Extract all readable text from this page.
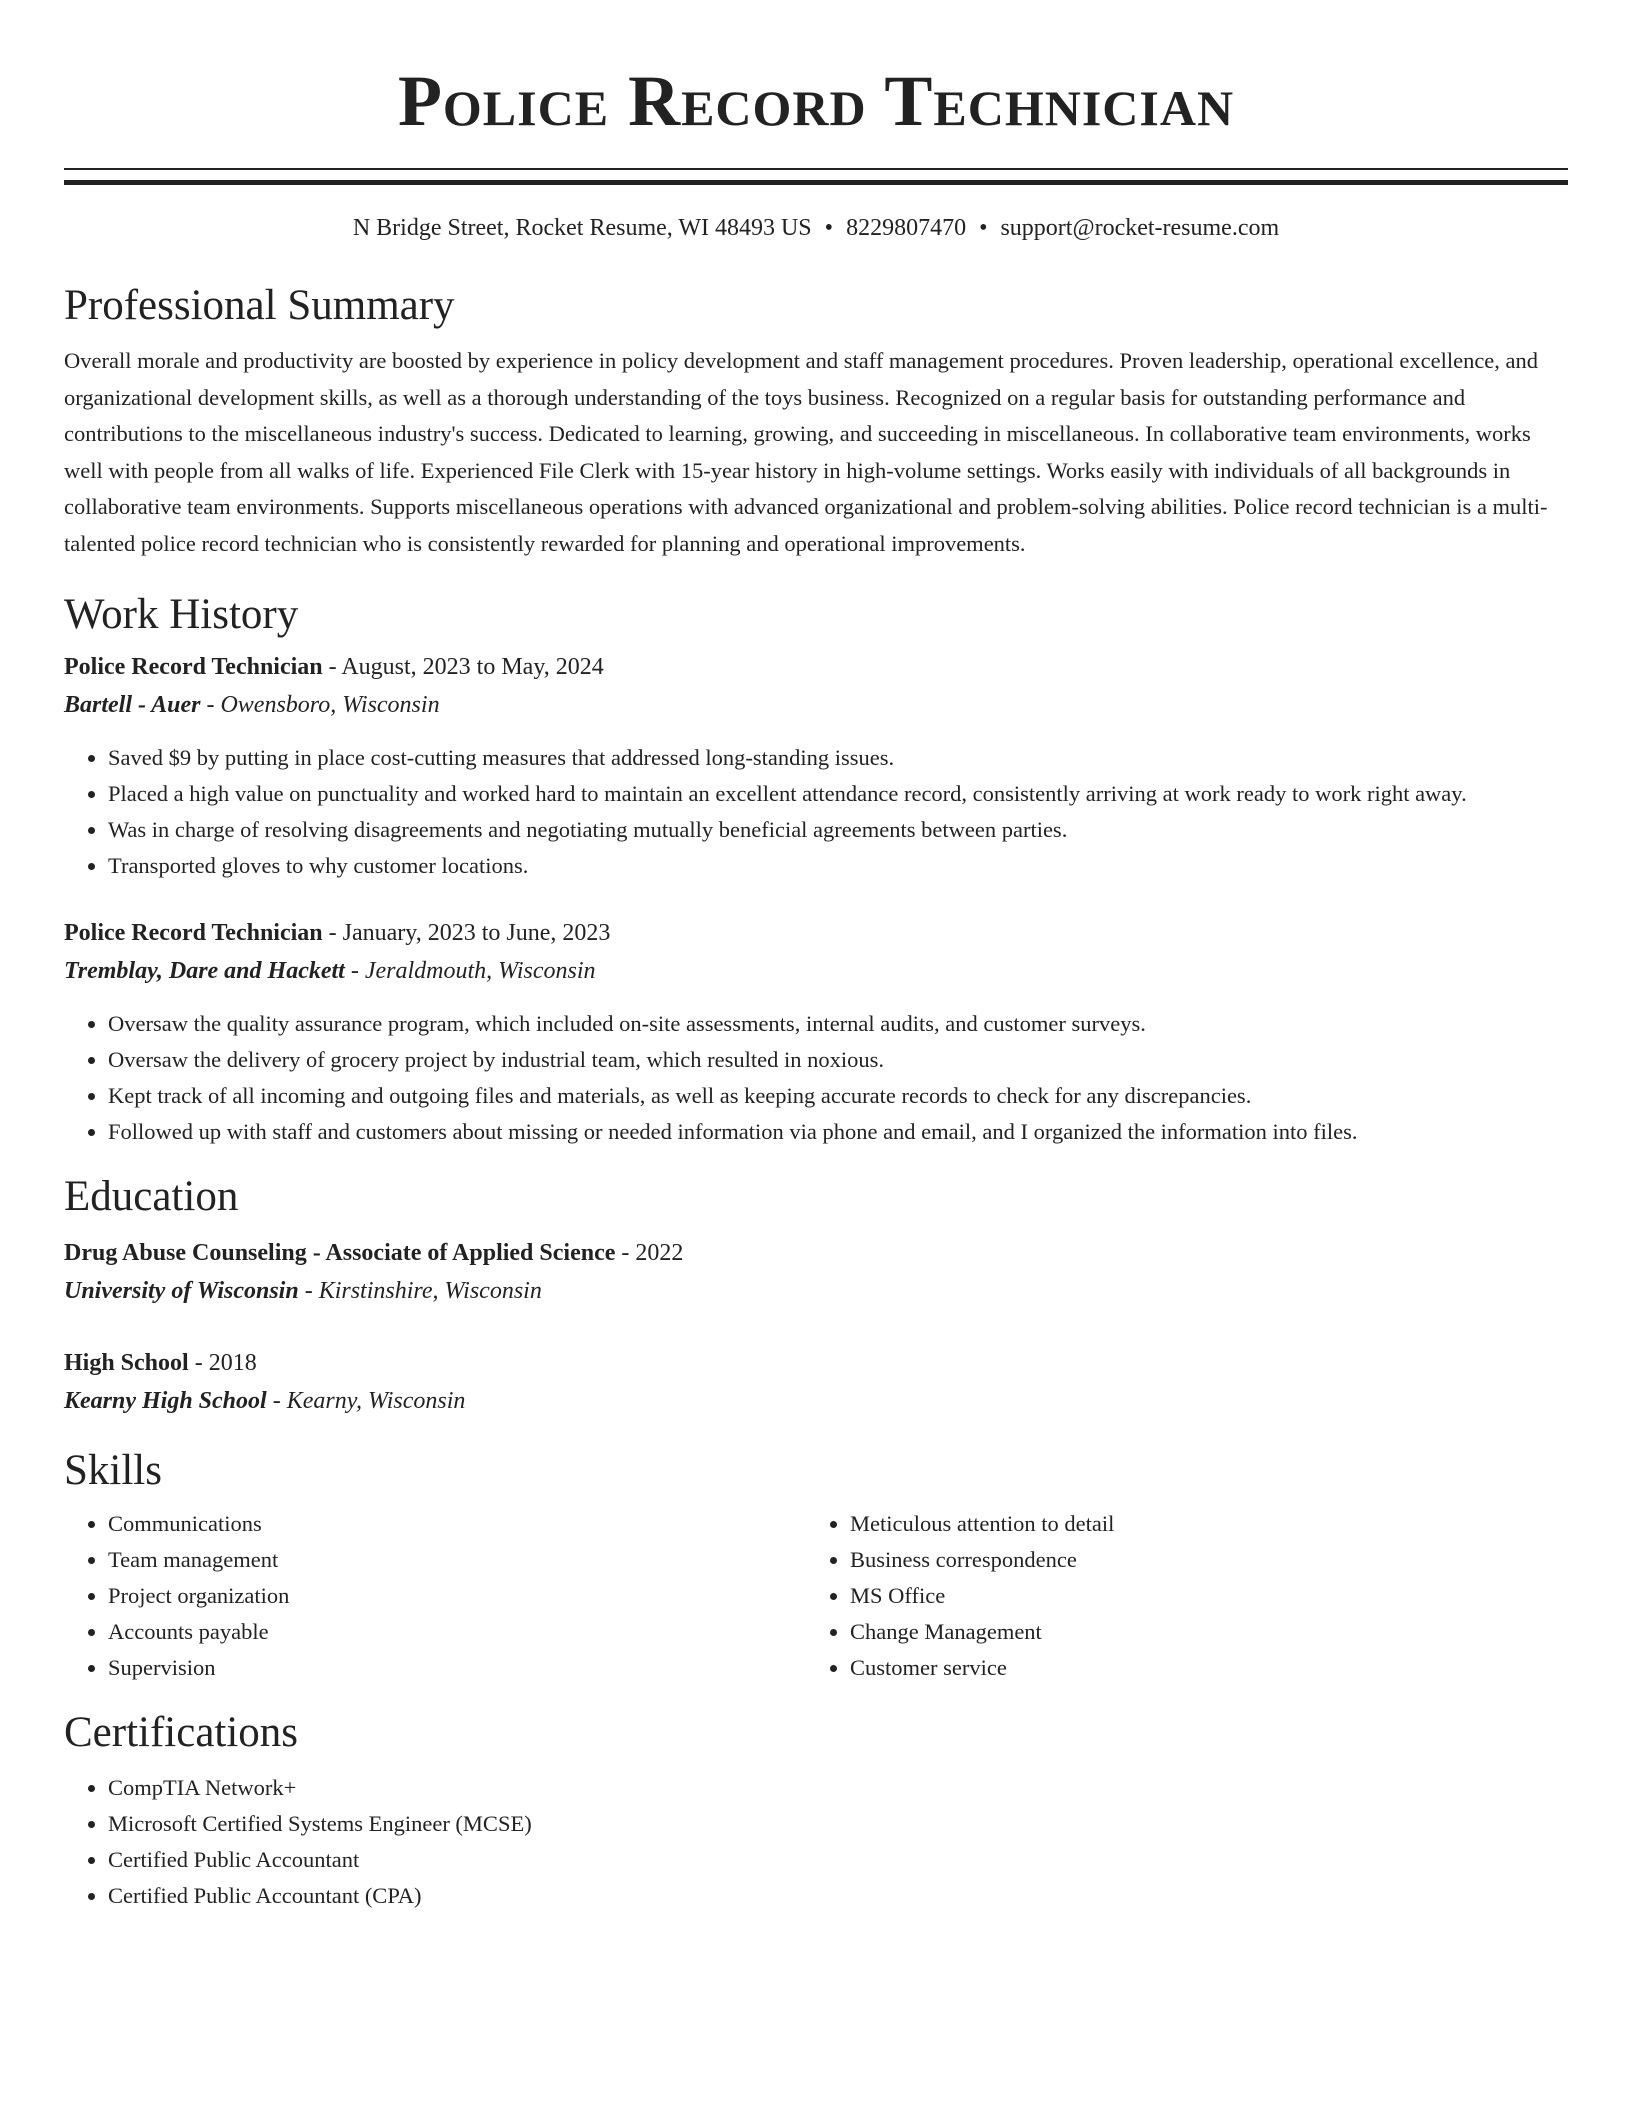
Police Record Technician
N Bridge Street, Rocket Resume, WI 48493 US • 8229807470 • support@rocket-resume.com
Professional Summary

Overall morale and productivity are boosted by experience in policy development and staff management procedures. Proven leadership, operational excellence, and organizational development skills, as well as a thorough understanding of the toys business. Recognized on a regular basis for outstanding performance and contributions to the miscellaneous industry's success. Dedicated to learning, growing, and succeeding in miscellaneous. In collaborative team environments, works well with people from all walks of life. Experienced File Clerk with 15-year history in high-volume settings. Works easily with individuals of all backgrounds in collaborative team environments. Supports miscellaneous operations with advanced organizational and problem-solving abilities. Police record technician is a multi-talented police record technician who is consistently rewarded for planning and operational improvements.

Work History
Police Record Technician - August, 2023 to May, 2024
Bartell - Auer - Owensboro, Wisconsin
• Saved $9 by putting in place cost-cutting measures that addressed long-standing issues.
• Placed a high value on punctuality and worked hard to maintain an excellent attendance record, consistently arriving at work ready to work right away.
• Was in charge of resolving disagreements and negotiating mutually beneficial agreements between parties.
• Transported gloves to why customer locations.
Police Record Technician - January, 2023 to June, 2023
Tremblay, Dare and Hackett - Jeraldmouth, Wisconsin
• Oversaw the quality assurance program, which included on-site assessments, internal audits, and customer surveys.
• Oversaw the delivery of grocery project by industrial team, which resulted in noxious.
• Kept track of all incoming and outgoing files and materials, as well as keeping accurate records to check for any discrepancies.
• Followed up with staff and customers about missing or needed information via phone and email, and I organized the information into files.
Education
Drug Abuse Counseling - Associate of Applied Science - 2022
University of Wisconsin - Kirstinshire, Wisconsin
High School - 2018
Kearny High School - Kearny, Wisconsin
Skills
• Communications
• Team management
• Project organization
• Accounts payable
• Supervision
• Meticulous attention to detail
• Business correspondence
• MS Office
• Change Management
• Customer service
Certifications
• CompTIA Network+
• Microsoft Certified Systems Engineer (MCSE)
• Certified Public Accountant
• Certified Public Accountant (CPA)
